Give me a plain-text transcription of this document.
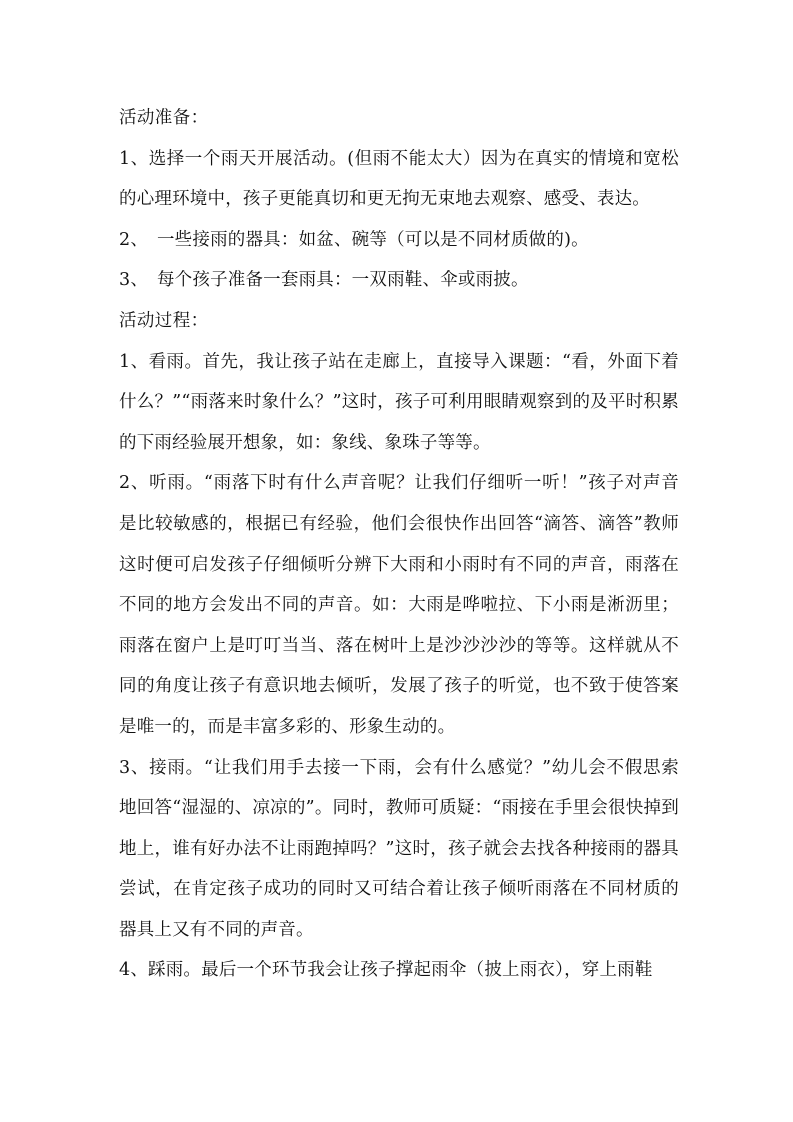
活动准备：

1、选择一个雨天开展活动。(但雨不能太大）因为在真实的情境和宽松的心理环境中，孩子更能真切和更无拘无束地去观察、感受、表达。

2、　一些接雨的器具：如盆、碗等（可以是不同材质做的)。

3、　每个孩子准备一套雨具：一双雨鞋、伞或雨披。

活动过程：

1、看雨。首先，我让孩子站在走廊上，直接导入课题：“看，外面下着什么？”“雨落来时象什么？”这时，孩子可利用眼睛观察到的及平时积累的下雨经验展开想象，如：象线、象珠子等等。

2、听雨。“雨落下时有什么声音呢？让我们仔细听一听！”孩子对声音是比较敏感的，根据已有经验，他们会很快作出回答“滴答、滴答”教师这时便可启发孩子仔细倾听分辨下大雨和小雨时有不同的声音，雨落在不同的地方会发出不同的声音。如：大雨是哗啦拉、下小雨是淅沥里；雨落在窗户上是叮叮当当、落在树叶上是沙沙沙沙的等等。这样就从不同的角度让孩子有意识地去倾听，发展了孩子的听觉，也不致于使答案是唯一的，而是丰富多彩的、形象生动的。

3、接雨。“让我们用手去接一下雨，会有什么感觉？”幼儿会不假思索地回答“湿湿的、凉凉的”。同时，教师可质疑：“雨接在手里会很快掉到地上，谁有好办法不让雨跑掉吗？”这时，孩子就会去找各种接雨的器具尝试，在肯定孩子成功的同时又可结合着让孩子倾听雨落在不同材质的器具上又有不同的声音。

4、踩雨。最后一个环节我会让孩子撑起雨伞（披上雨衣），穿上雨鞋
